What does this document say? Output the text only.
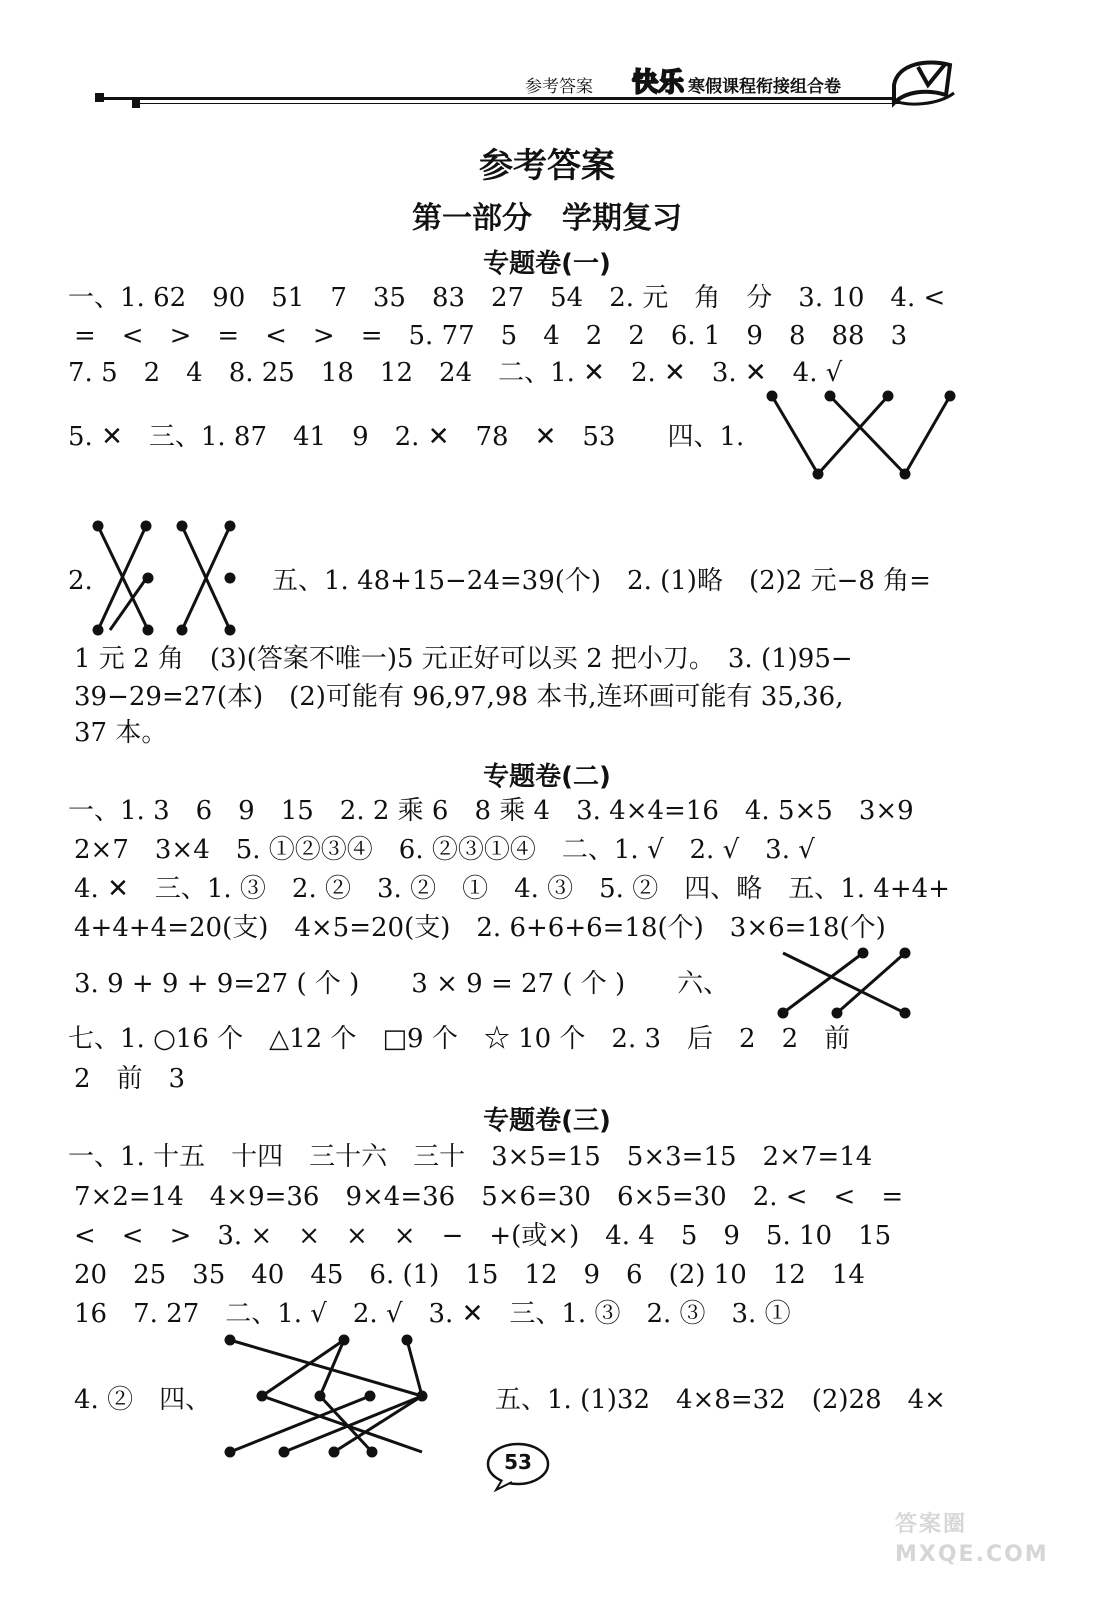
参考答案 快乐 寒假课程衔接组合卷
参考答案
第一部分　学期复习
专题卷(一)
一、1. 62　90　51　7　35　83　27　54　2. 元　角　分　3. 10　4. <
=　<　>　=　<　>　=　5. 77　5　4　2　2　6. 1　9　8　88　3
7. 5　2　4　8. 25　18　12　24　二、1. ✕　2. ✕　3. ✕　4. √
5. ✕　三、1. 87　41　9　2. ✕　78　✕　53　　四、1.
2.	五、1. 48+15−24=39(个)　2. (1)略　(2)2 元−8 角=
1 元 2 角　(3)(答案不唯一)5 元正好可以买 2 把小刀。　3. (1)95−
39−29=27(本)　(2)可能有 96,97,98 本书,连环画可能有 35,36,
37 本。
专题卷(二)
一、1. 3　6　9　15　2. 2 乘 6　8 乘 4　3. 4×4=16　4. 5×5　3×9
2×7　3×4　5. ①②③④　6. ②③①④　二、1. √　2. √　3. √
4. ✕　三、1. ③　2. ②　3. ②　①　4. ③　5. ②　四、略　五、1. 4+4+
4+4+4=20(支)　4×5=20(支)　2. 6+6+6=18(个)　3×6=18(个)
3. 9 + 9 + 9=27 ( 个 )　　3 × 9 = 27 ( 个 )　　六、
七、1. ○16 个　△12 个　□9 个　☆ 10 个　2. 3　后　2　2　前
2　前　3
专题卷(三)
一、1. 十五　十四　三十六　三十　3×5=15　5×3=15　2×7=14
7×2=14　4×9=36　9×4=36　5×6=30　6×5=30　2. <　<　=
<　<　>　3. ×　×　×　×　−　+(或×)　4. 4　5　9　5. 10　15
20　25　35　40　45　6. (1)　15　12　9　6　(2) 10　12　14
16　7. 27　二、1. √　2. √　3. ✕　三、1. ③　2. ③　3. ①
4. ②　四、	五、1. (1)32　4×8=32　(2)28　4×
53
答案圈 MXQE.COM
